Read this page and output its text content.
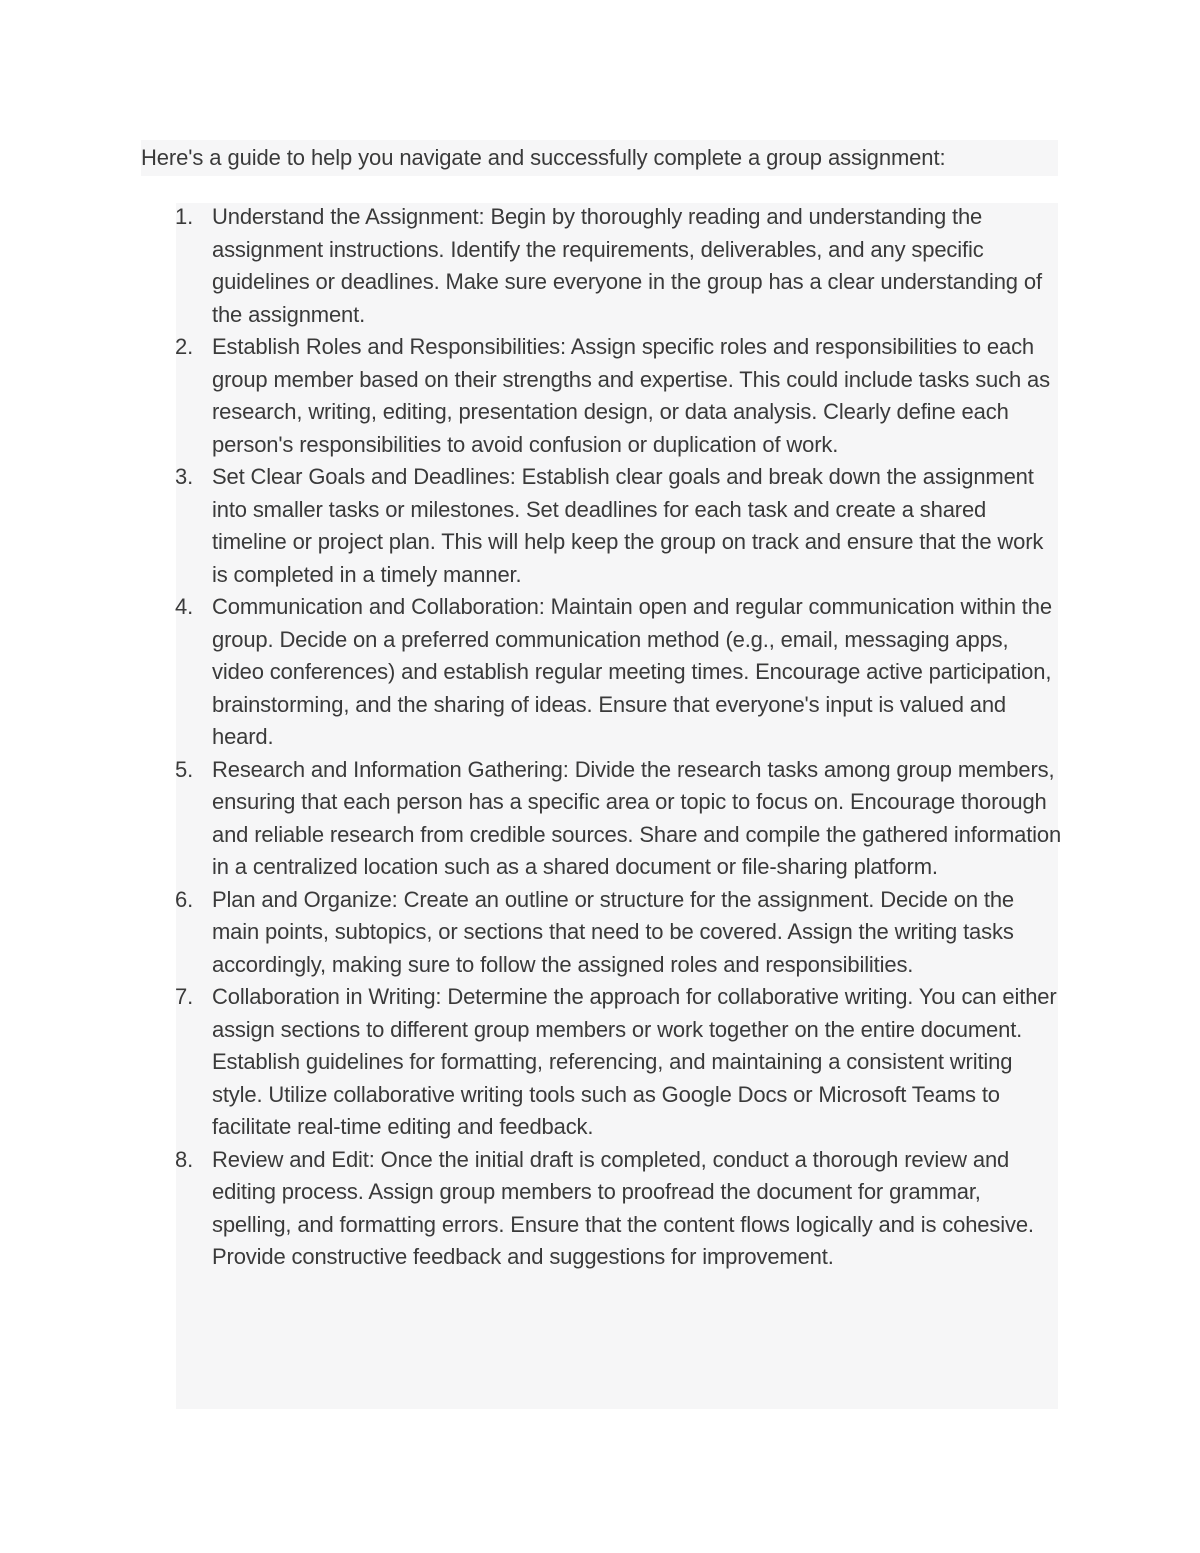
Here's a guide to help you navigate and successfully complete a group assignment:
1. Understand the Assignment: Begin by thoroughly reading and understanding the assignment instructions. Identify the requirements, deliverables, and any specific guidelines or deadlines. Make sure everyone in the group has a clear understanding of the assignment.
2. Establish Roles and Responsibilities: Assign specific roles and responsibilities to each group member based on their strengths and expertise. This could include tasks such as research, writing, editing, presentation design, or data analysis. Clearly define each person's responsibilities to avoid confusion or duplication of work.
3. Set Clear Goals and Deadlines: Establish clear goals and break down the assignment into smaller tasks or milestones. Set deadlines for each task and create a shared timeline or project plan. This will help keep the group on track and ensure that the work is completed in a timely manner.
4. Communication and Collaboration: Maintain open and regular communication within the group. Decide on a preferred communication method (e.g., email, messaging apps, video conferences) and establish regular meeting times. Encourage active participation, brainstorming, and the sharing of ideas. Ensure that everyone's input is valued and heard.
5. Research and Information Gathering: Divide the research tasks among group members, ensuring that each person has a specific area or topic to focus on. Encourage thorough and reliable research from credible sources. Share and compile the gathered information in a centralized location such as a shared document or file-sharing platform.
6. Plan and Organize: Create an outline or structure for the assignment. Decide on the main points, subtopics, or sections that need to be covered. Assign the writing tasks accordingly, making sure to follow the assigned roles and responsibilities.
7. Collaboration in Writing: Determine the approach for collaborative writing. You can either assign sections to different group members or work together on the entire document. Establish guidelines for formatting, referencing, and maintaining a consistent writing style. Utilize collaborative writing tools such as Google Docs or Microsoft Teams to facilitate real-time editing and feedback.
8. Review and Edit: Once the initial draft is completed, conduct a thorough review and editing process. Assign group members to proofread the document for grammar, spelling, and formatting errors. Ensure that the content flows logically and is cohesive. Provide constructive feedback and suggestions for improvement.
